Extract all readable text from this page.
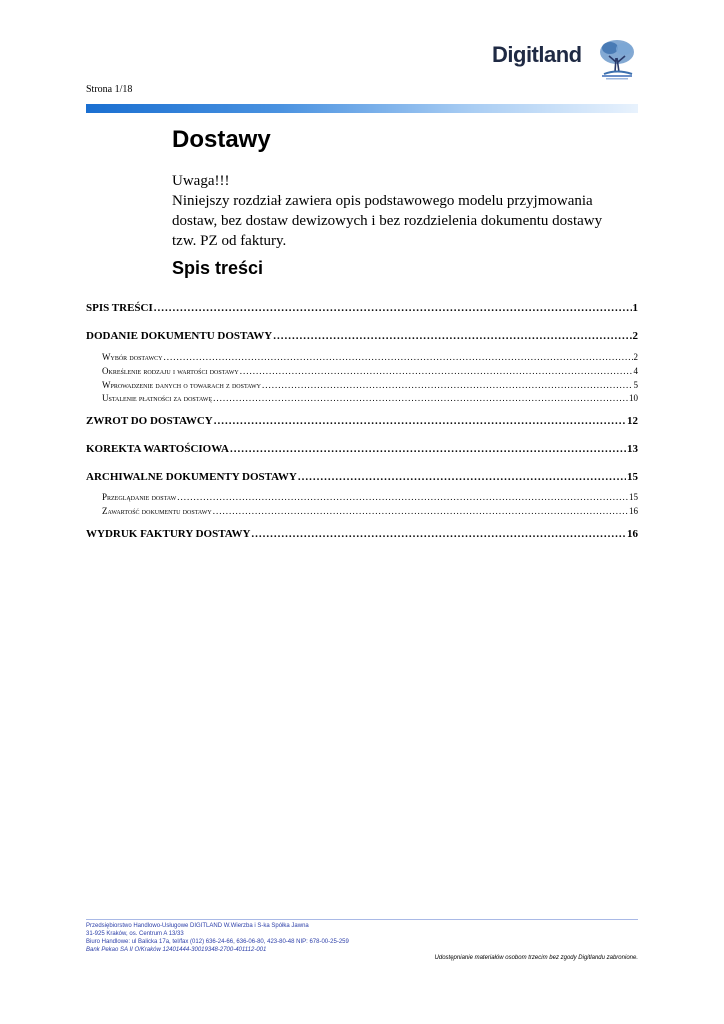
Digitland
Strona 1/18
Dostawy
Uwaga!!!
Niniejszy rozdział zawiera opis podstawowego modelu przyjmowania
dostaw, bez dostaw dewizowych i bez rozdzielenia dokumentu dostawy
tzw. PZ od faktury.
Spis treści
SPIS TREŚCI .....	1
DODANIE DOKUMENTU DOSTAWY .....	2
Wybór dostawcy .....	2
Określenie rodzaju i wartości dostawy .....	4
Wprowadzenie danych o towarach z dostawy .....	5
Ustalenie płatności za dostawę .....	10
ZWROT DO DOSTAWCY .....	12
KOREKTA WARTOŚCIOWA .....	13
ARCHIWALNE DOKUMENTY DOSTAWY .....	15
Przeglądanie dostaw .....	15
Zawartość dokumentu dostawy .....	16
WYDRUK FAKTURY DOSTAWY .....	16
Przedsiębiorstwo Handlowo-Usługowe DIGITLAND W.Wierzba i S-ka Spółka Jawna
31-925 Kraków, os. Centrum A 13/33
Biuro Handlowe: ul Balicka 17a, tel/fax (012) 636-24-66, 636-06-80, 423-80-48 NIP: 678-00-25-259
Bank Pekao SA II O/Kraków 12401444-30019348-2700-401112-001
Udostępnianie materiałów osobom trzecim bez zgody Digitlandu zabronione.
